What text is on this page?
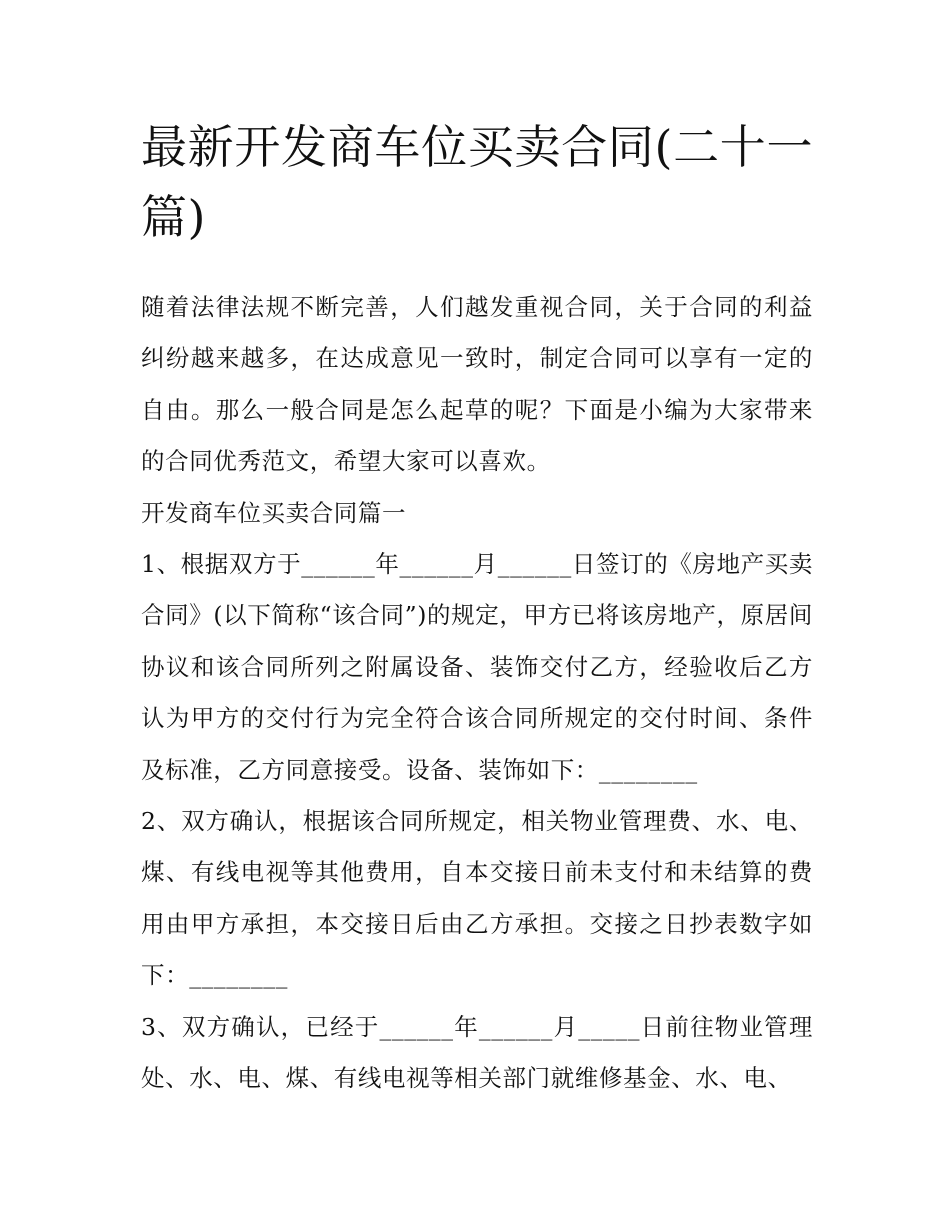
最新开发商车位买卖合同(二十一篇)

随着法律法规不断完善，人们越发重视合同，关于合同的利益纠纷越来越多，在达成意见一致时，制定合同可以享有一定的自由。那么一般合同是怎么起草的呢？下面是小编为大家带来的合同优秀范文，希望大家可以喜欢。

开发商车位买卖合同篇一

1、根据双方于______年______月______日签订的《房地产买卖合同》(以下简称“该合同”)的规定，甲方已将该房地产，原居间协议和该合同所列之附属设备、装饰交付乙方，经验收后乙方认为甲方的交付行为完全符合该合同所规定的交付时间、条件及标准，乙方同意接受。设备、装饰如下：________

2、双方确认，根据该合同所规定，相关物业管理费、水、电、煤、有线电视等其他费用，自本交接日前未支付和未结算的费用由甲方承担，本交接日后由乙方承担。交接之日抄表数字如下：________

3、双方确认，已经于______年______月_____日前往物业管理处、水、电、煤、有线电视等相关部门就维修基金、水、电、
